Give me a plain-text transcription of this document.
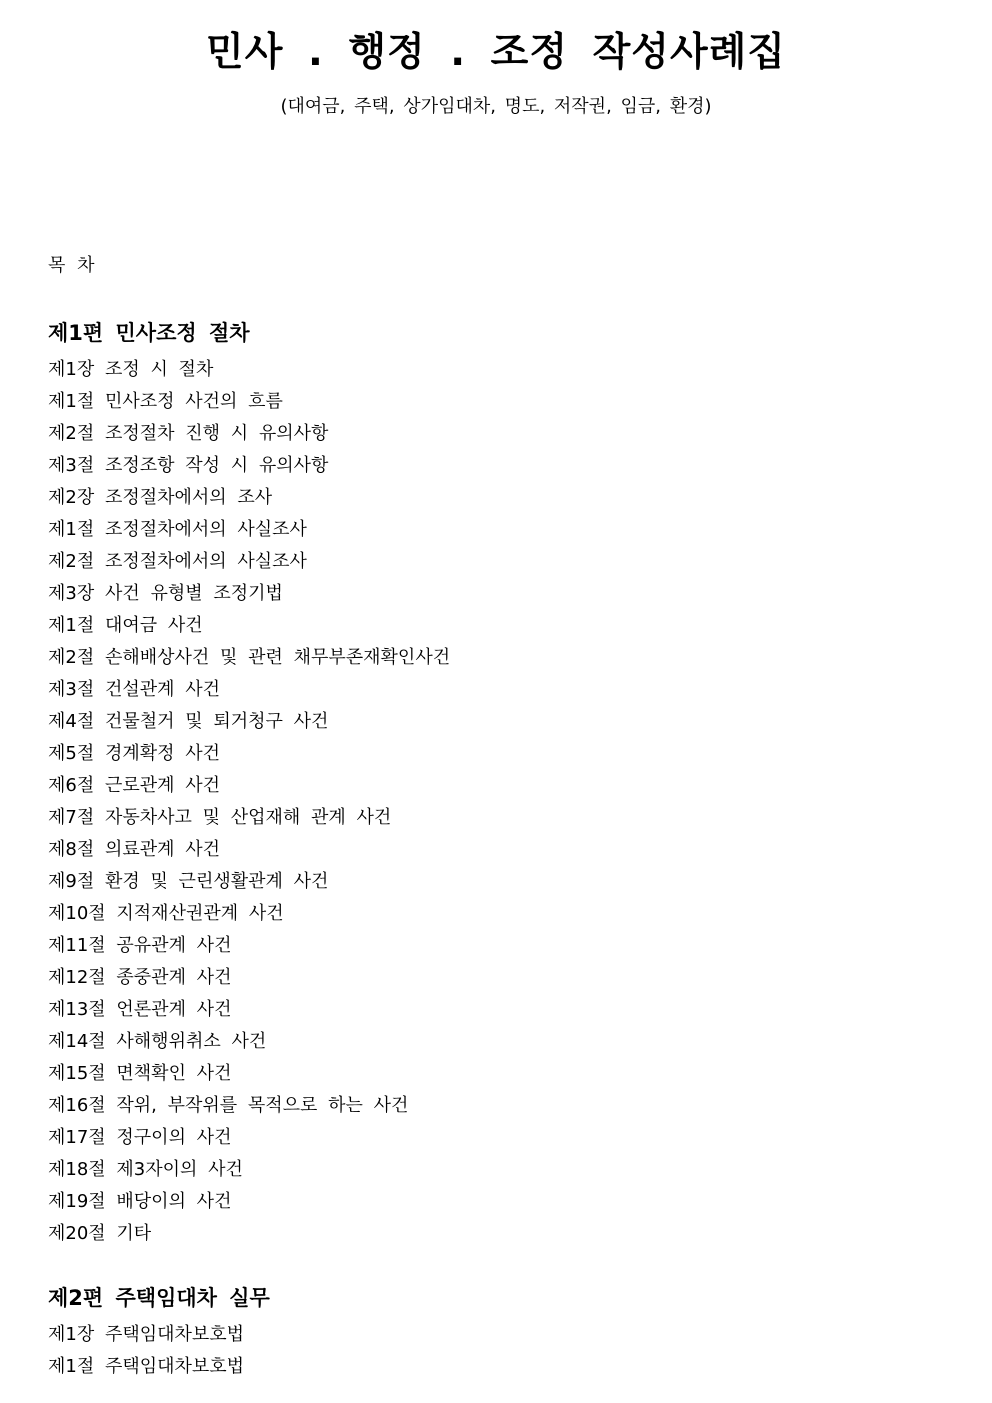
민사 . 행정 . 조정 작성사례집

(대여금, 주택, 상가임대차, 명도, 저작권, 임금, 환경)

목 차

제1편 민사조정 절차
제1장 조정 시 절차
제1절 민사조정 사건의 흐름
제2절 조정절차 진행 시 유의사항
제3절 조정조항 작성 시 유의사항
제2장 조정절차에서의 조사
제1절 조정절차에서의 사실조사
제2절 조정절차에서의 사실조사
제3장 사건 유형별 조정기법
제1절 대여금 사건
제2절 손해배상사건 및 관련 채무부존재확인사건
제3절 건설관계 사건
제4절 건물철거 및 퇴거청구 사건
제5절 경계확정 사건
제6절 근로관계 사건
제7절 자동차사고 및 산업재해 관계 사건
제8절 의료관계 사건
제9절 환경 및 근린생활관계 사건
제10절 지적재산권관계 사건
제11절 공유관계 사건
제12절 종중관계 사건
제13절 언론관계 사건
제14절 사해행위취소 사건
제15절 면책확인 사건
제16절 작위, 부작위를 목적으로 하는 사건
제17절 정구이의 사건
제18절 제3자이의 사건
제19절 배당이의 사건
제20절 기타
제2편 주택임대차 실무
제1장 주택임대차보호법
제1절 주택임대차보호법
